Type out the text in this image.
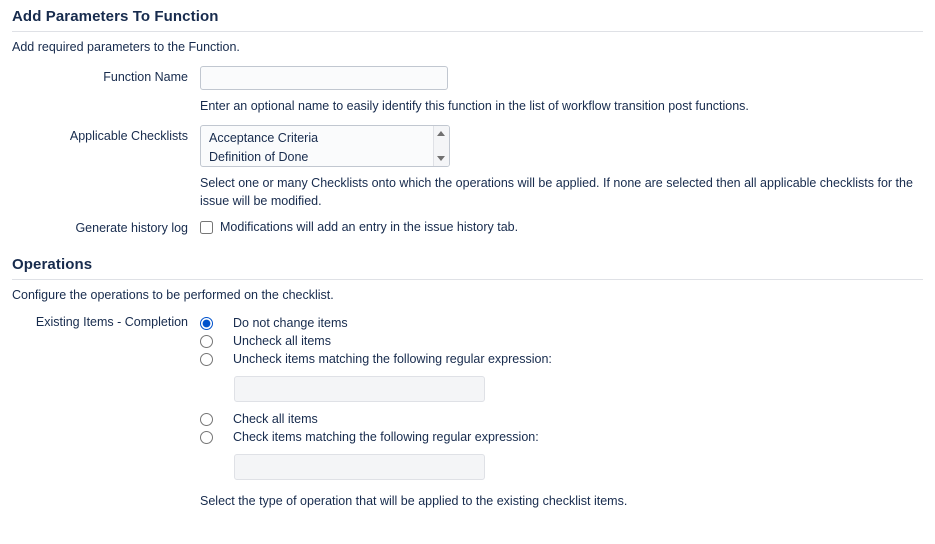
Add Parameters To Function
Add required parameters to the Function.
Function Name
Enter an optional name to easily identify this function in the list of workflow transition post functions.
Applicable Checklists	Acceptance Criteria
Definition of Done
Select one or many Checklists onto which the operations will be applied. If none are selected then all applicable checklists for the issue will be modified.
Generate history log	Modifications will add an entry in the issue history tab.
Operations
Configure the operations to be performed on the checklist.
Existing Items - Completion	Do not change items
Uncheck all items
Uncheck items matching the following regular expression:
Check all items
Check items matching the following regular expression:
Select the type of operation that will be applied to the existing checklist items.
